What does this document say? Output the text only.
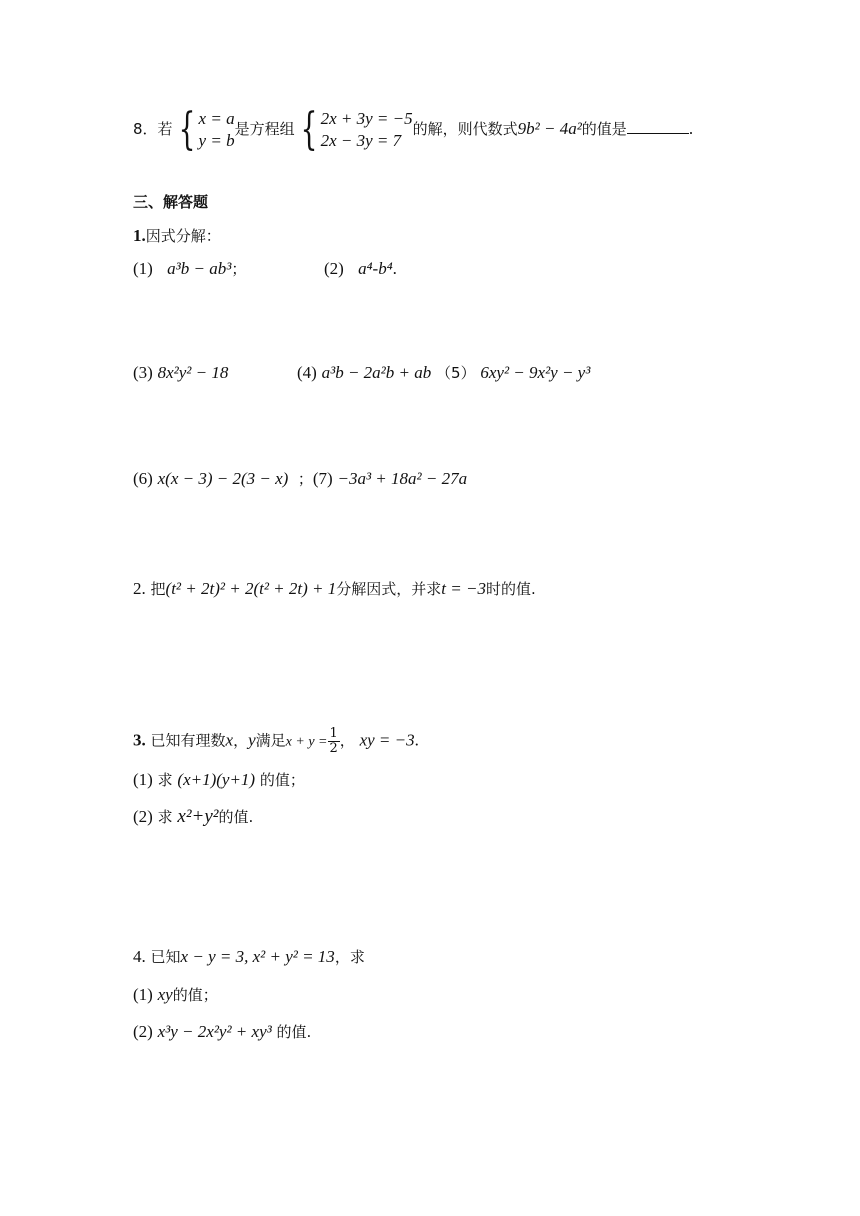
8．若 { x = a
y = b
是方程组 { 2x + 3y = −5
2x − 3y = 7
的解，则代数式9b² − 4a²的值是	.
三、解答题
1.因式分解：
(1) a³b − ab³；	(2) a⁴-b⁴.
(3) 8x²y² − 18	(4) a³b − 2a²b + ab （5） 6xy² − 9x²y − y³
(6) x(x − 3) − 2(3 − x) ；(7) −3a³ + 18a² − 27a
2. 把(t² + 2t)² + 2(t² + 2t) + 1分解因式，并求t = −3时的值.
3. 已知有理数x，y满足$x + y = \frac{1}{2}$ ， xy = −3.
(1) 求 (x+1)(y+1) 的值；
(2) 求 x²+y²的值.
4. 已知x − y = 3, x² + y² = 13，求
(1) xy的值；
(2) x³y − 2x²y² + xy³ 的值.
